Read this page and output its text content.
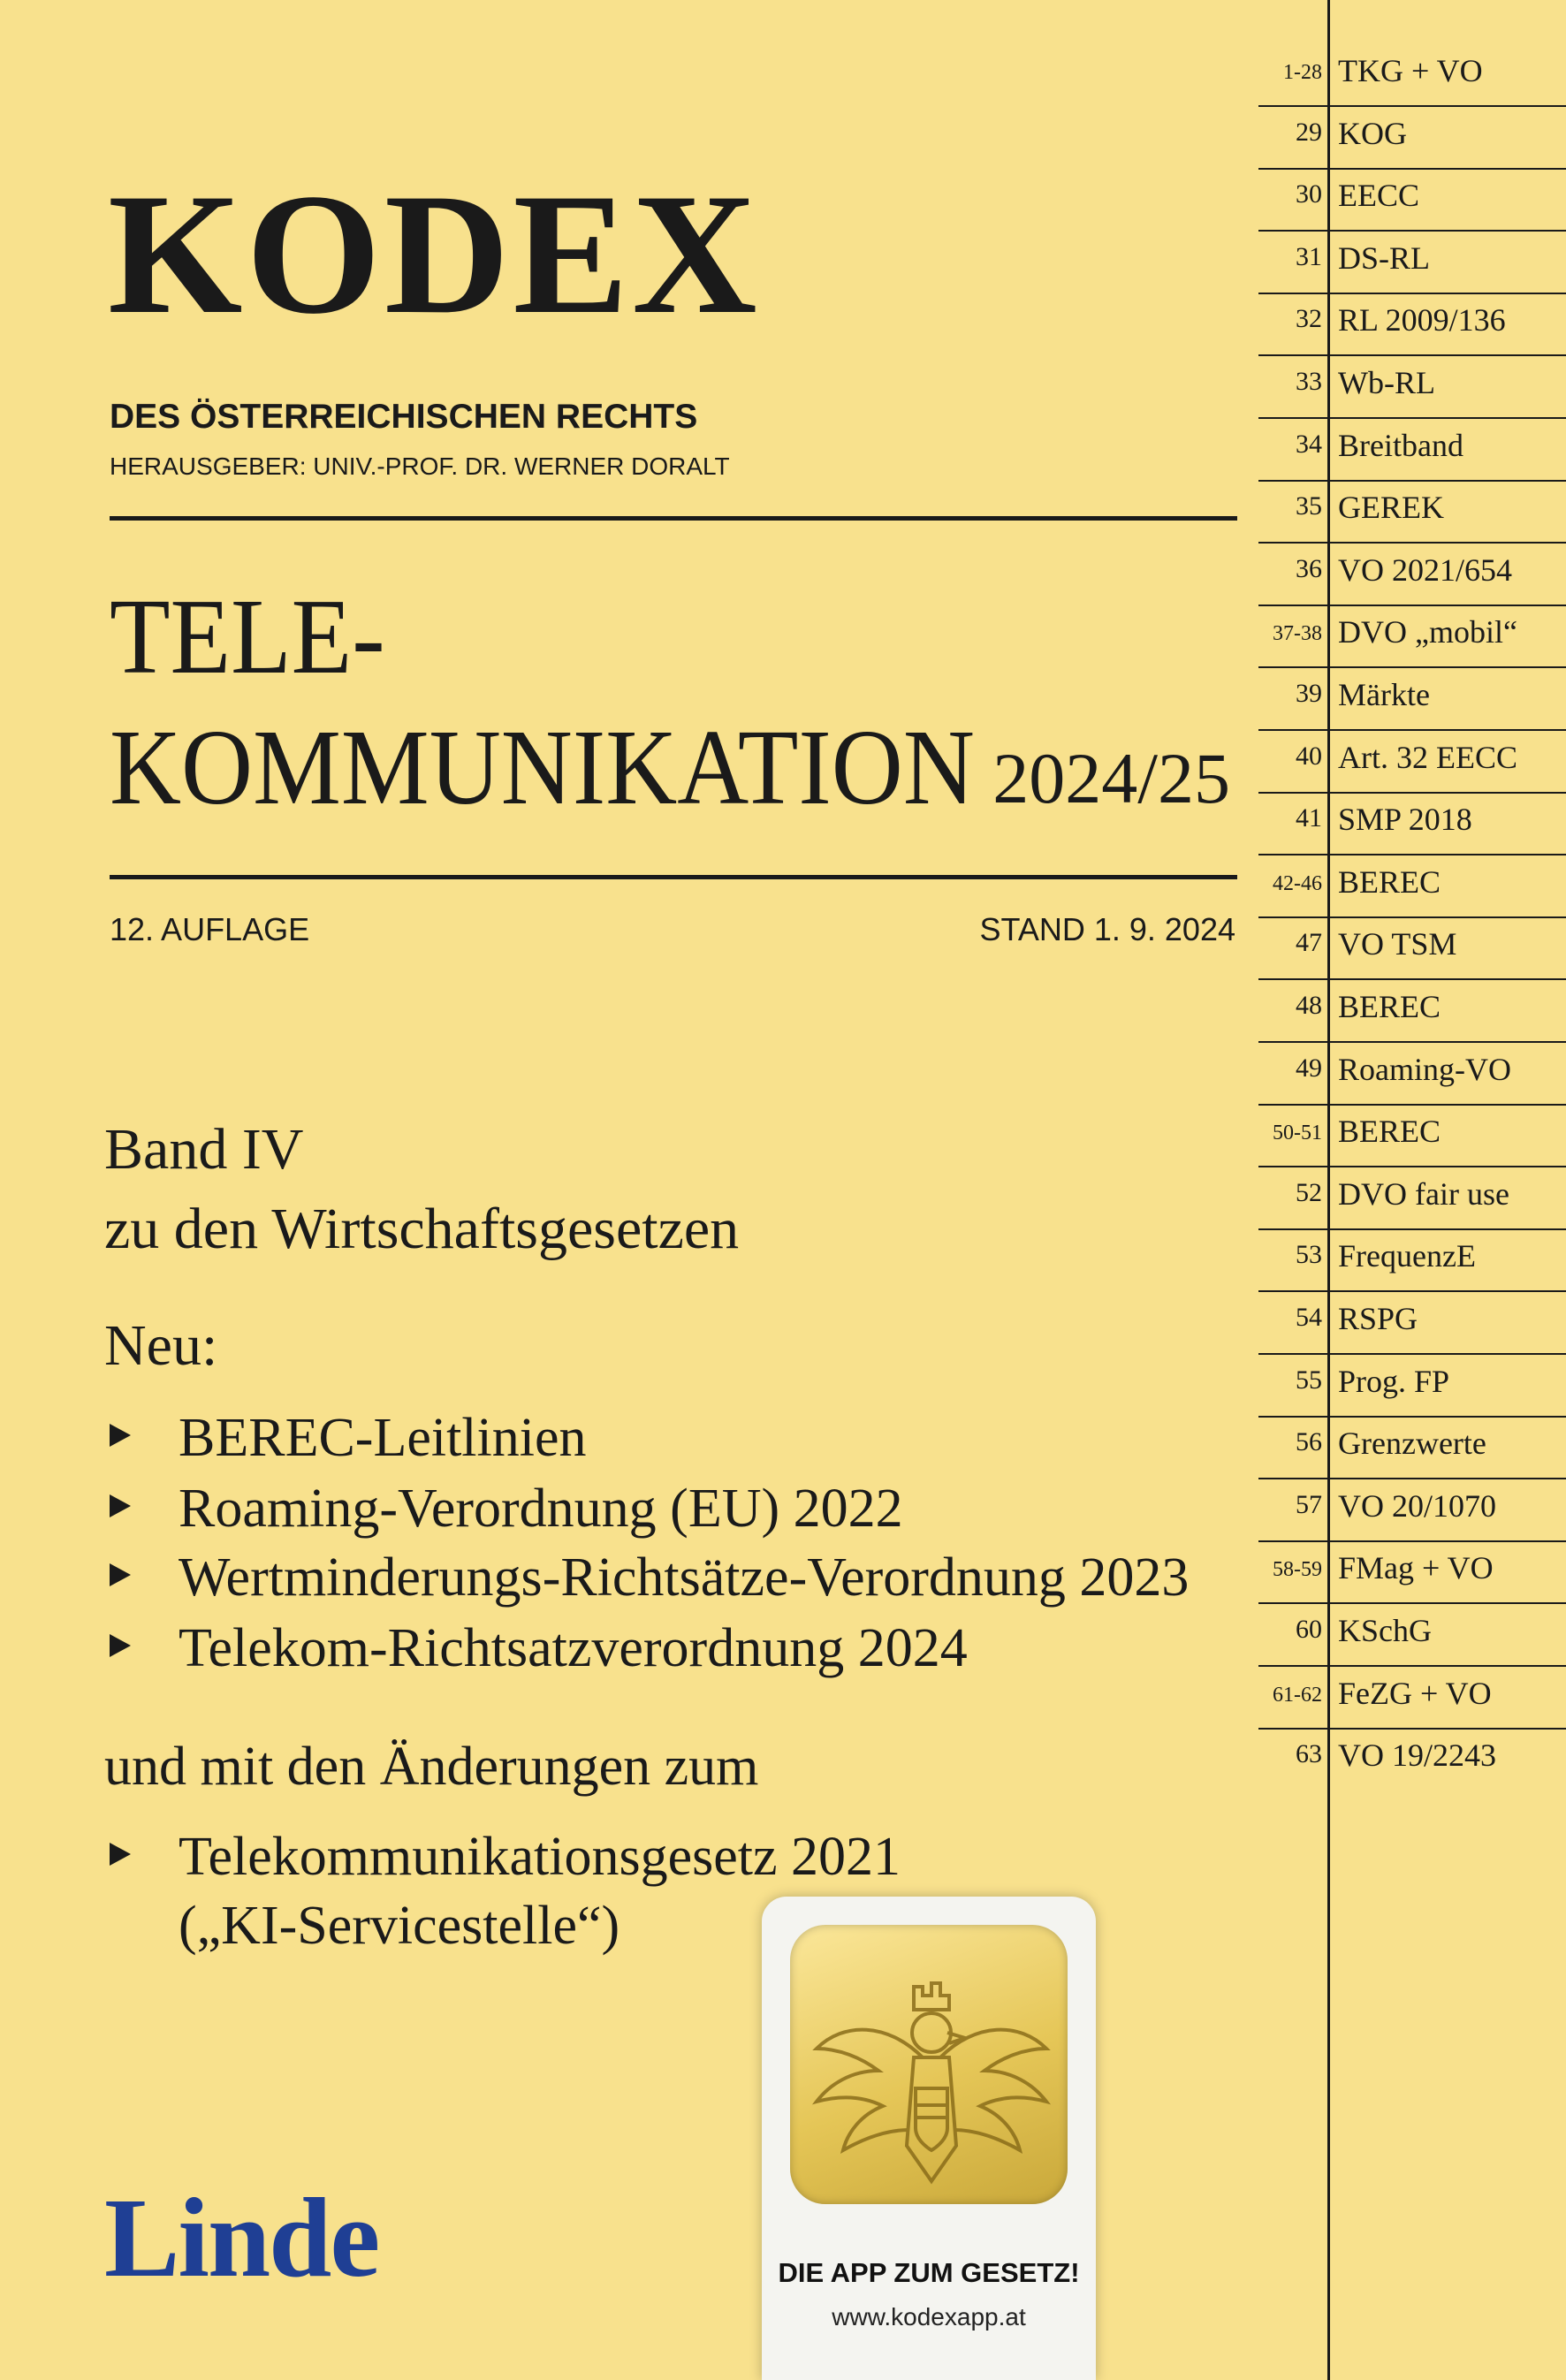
KODEX
DES ÖSTERREICHISCHEN RECHTS
HERAUSGEBER: UNIV.-PROF. DR. WERNER DORALT
TELE-
KOMMUNIKATION 2024/25
12. AUFLAGE	STAND 1. 9. 2024
Band IV
zu den Wirtschaftsgesetzen
Neu:
BEREC-Leitlinien
Roaming-Verordnung (EU) 2022
Wertminderungs-Richtsätze-Verordnung 2023
Telekom-Richtsatzverordnung 2024
und mit den Änderungen zum
Telekommunikationsgesetz 2021
(„KI-Servicestelle“)
Linde
1-28 TKG + VO
29 KOG
30 EECC
31 DS-RL
32 RL 2009/136
33 Wb-RL
34 Breitband
35 GEREK
36 VO 2021/654
37-38 DVO „mobil“
39 Märkte
40 Art. 32 EECC
41 SMP 2018
42-46 BEREC
47 VO TSM
48 BEREC
49 Roaming-VO
50-51 BEREC
52 DVO fair use
53 FrequenzE
54 RSPG
55 Prog. FP
56 Grenzwerte
57 VO 20/1070
58-59 FMag + VO
60 KSchG
61-62 FeZG + VO
63 VO 19/2243
DIE APP ZUM GESETZ!
www.kodexapp.at
